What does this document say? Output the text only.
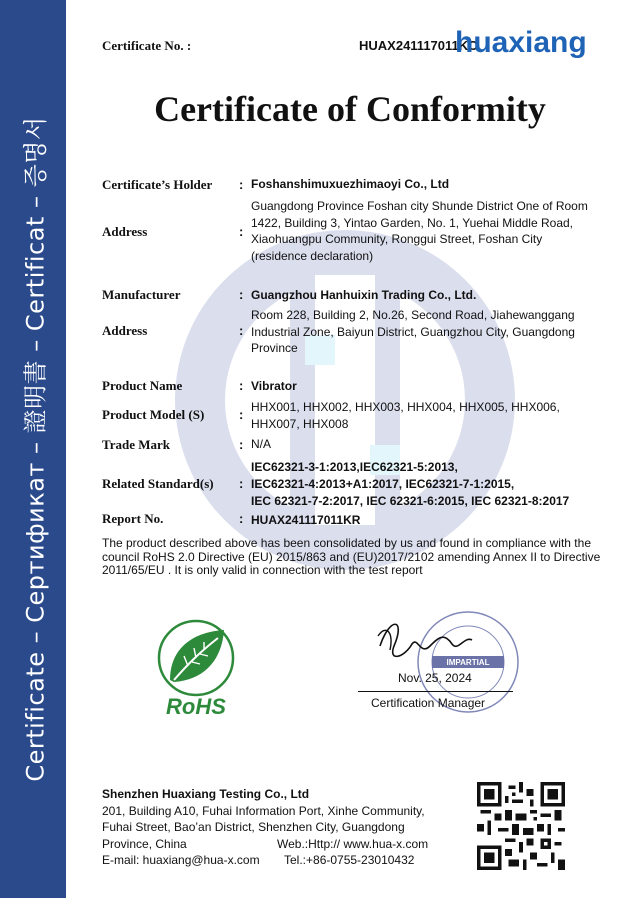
Certificate – Сертификат – 證明書 – Certificat – 증명서
Certificate No. :	HUAX241117011KC
huaxiang
Certificate of Conformity
Certificate’s Holder : Foshanshimuxuezhimaoyi Co., Ltd
Address	:
Guangdong Province Foshan city Shunde District One of Room 1422, Building 3, Yintao Garden, No. 1, Yuehai Middle Road, Xiaohuangpu Community, Ronggui Street, Foshan City (residence declaration)
Manufacturer	: Guangzhou Hanhuixin Trading Co., Ltd.
Address	:
Room 228, Building 2, No.26, Second Road, Jiahewanggang Industrial Zone, Baiyun District, Guangzhou City, Guangdong Province
Product Name	: Vibrator
Product Model (S)	: HHX001, HHX002, HHX003, HHX004, HHX005, HHX006, HHX007, HHX008
Trade Mark	: N/A
Related Standard(s) :
IEC62321-3-1:2013,IEC62321-5:2013,
IEC62321-4:2013+A1:2017, IEC62321-7-1:2015,
IEC 62321-7-2:2017, IEC 62321-6:2015, IEC 62321-8:2017
Report No.	: HUAX241117011KR
The product described above has been consolidated by us and found in compliance with the council RoHS 2.0 Directive (EU) 2015/863 and (EU)2017/2102 amending Annex II to Directive 2011/65/EU . It is only valid in connection with the test report
RoHS
IMPARTIAL
Nov. 25, 2024
Certification Manager
Shenzhen Huaxiang Testing Co., Ltd
201, Building A10, Fuhai Information Port, Xinhe Community,
Fuhai Street, Bao’an District, Shenzhen City, Guangdong
Province, China	Web.:Http:// www.hua-x.com
E-mail: huaxiang@hua-x.com Tel.:+86-0755-23010432
